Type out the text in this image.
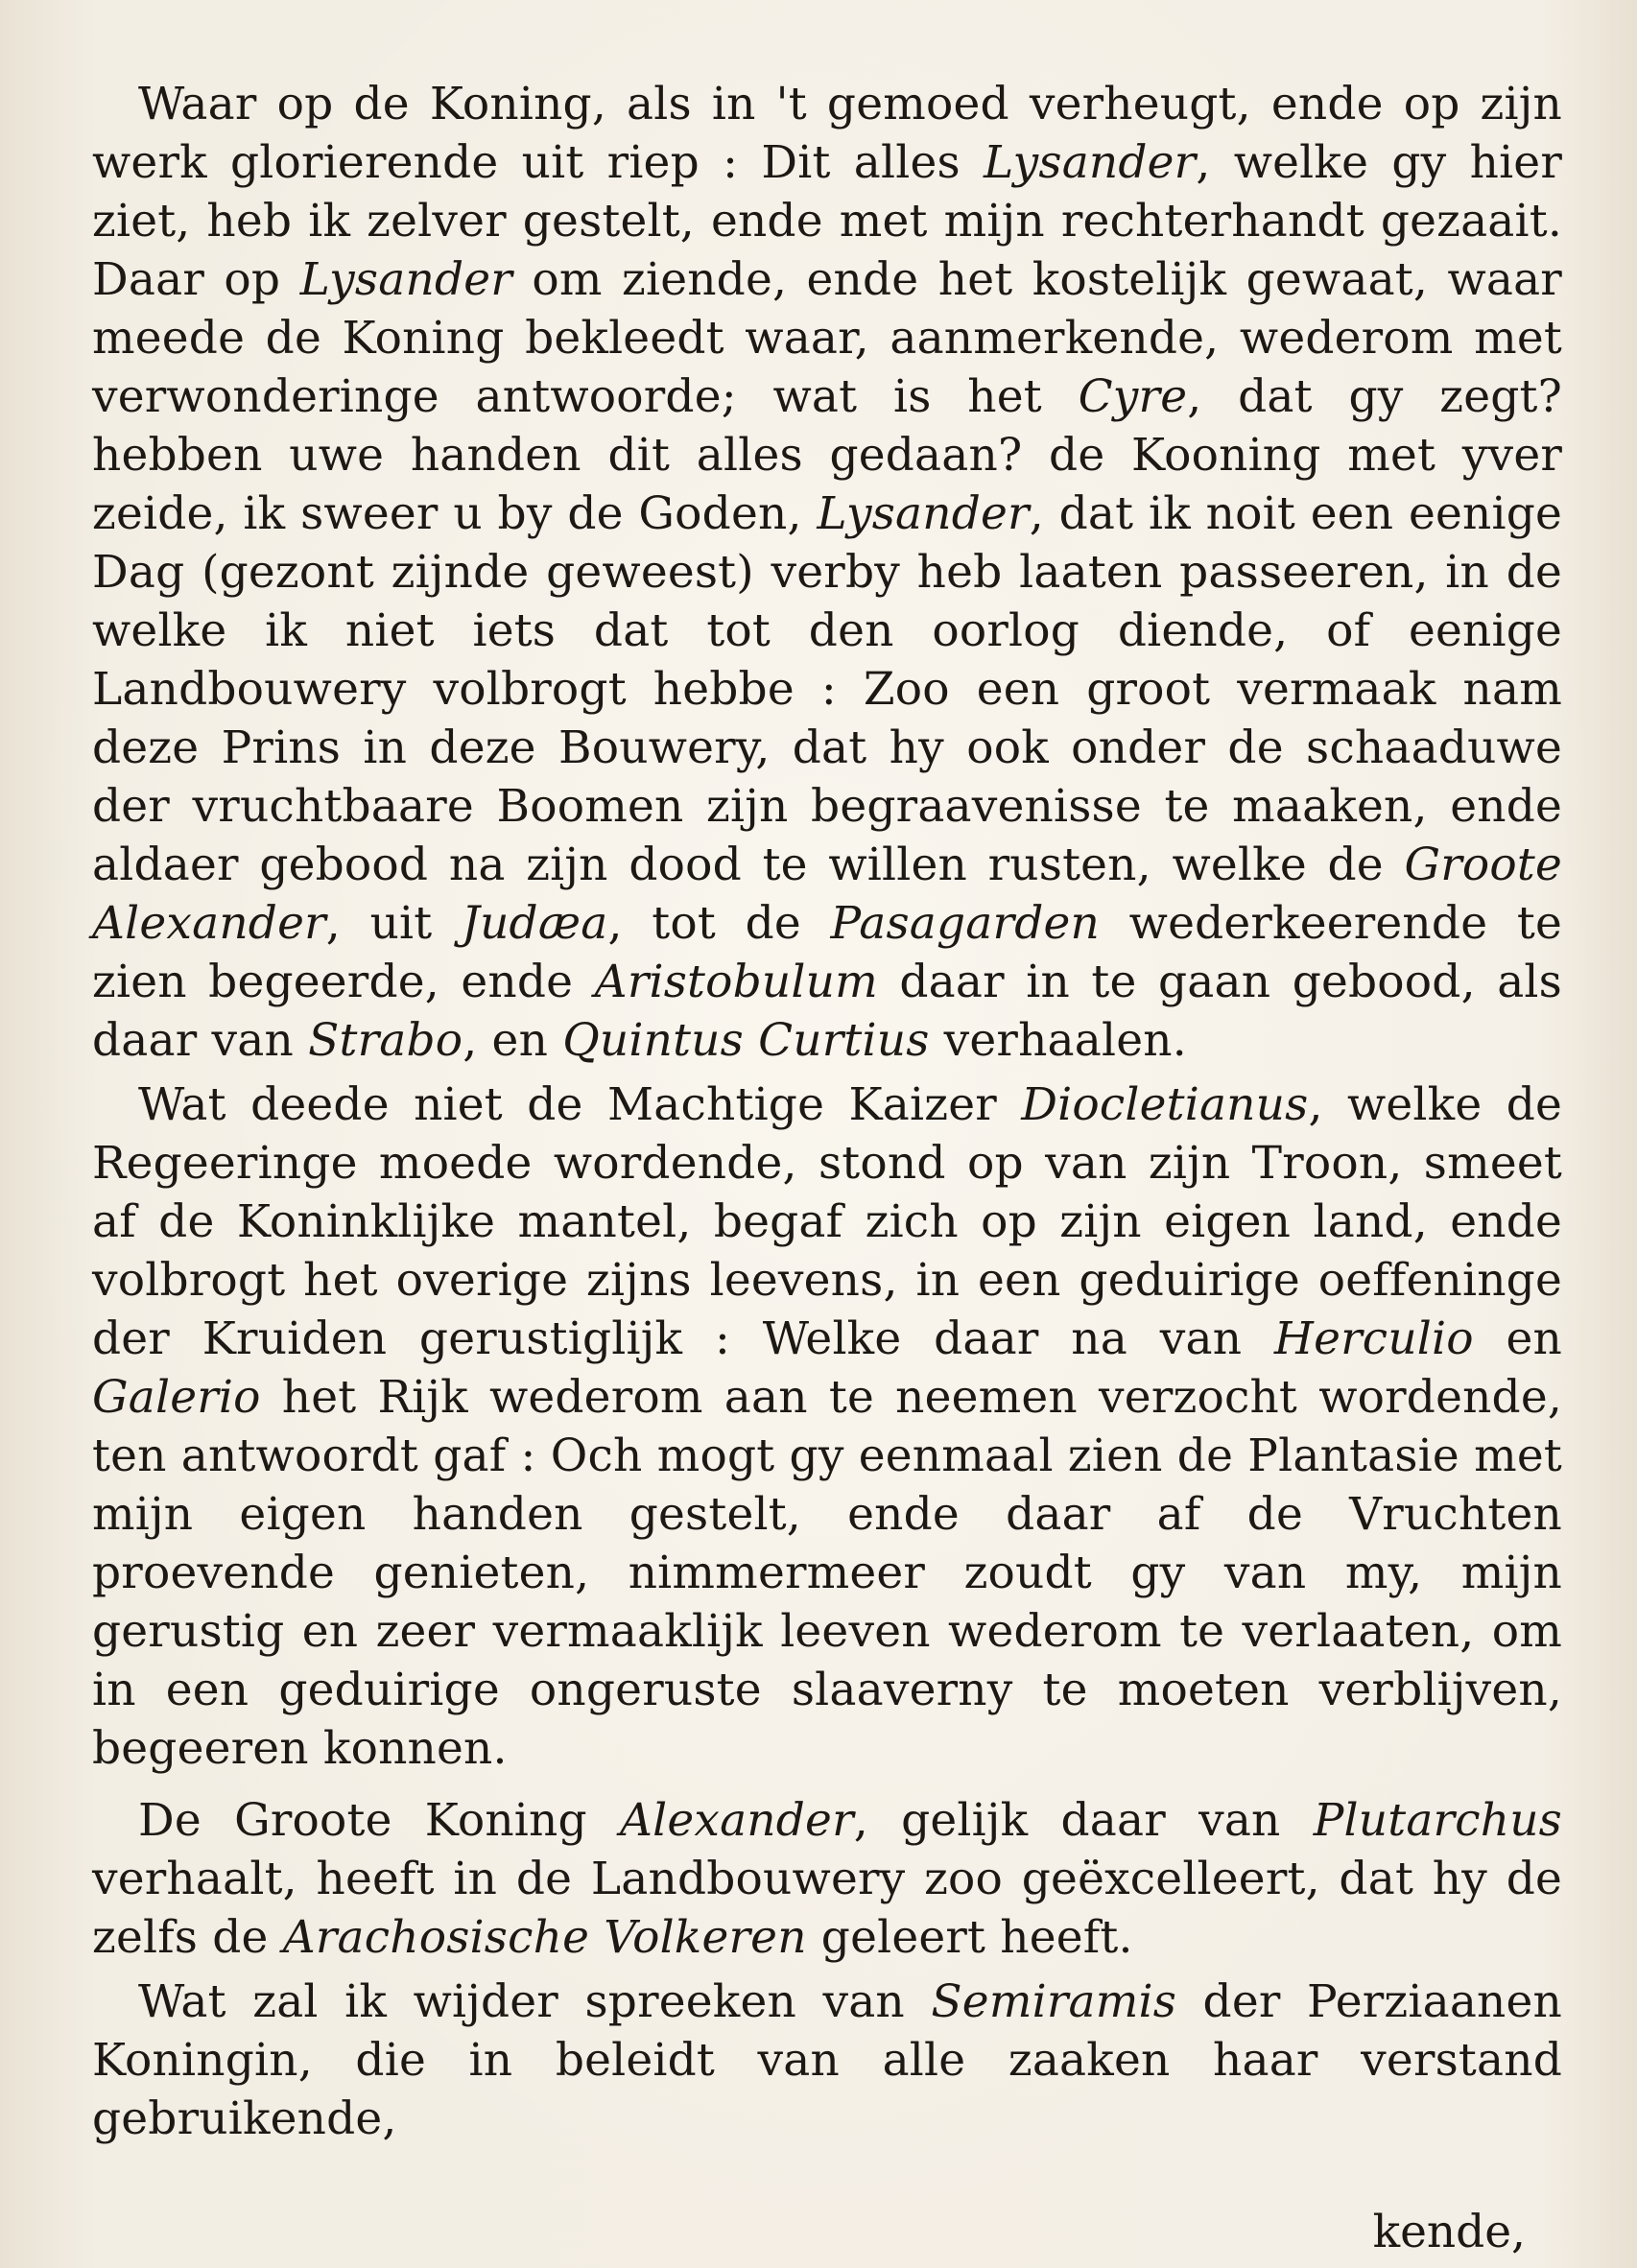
Waar op de Koning, als in 't gemoed verheugt, ende op zijn werk glorierende uit riep : Dit alles Lysander, welke gy hier ziet, heb ik zelver gestelt, ende met mijn rechterhandt gezaait. Daar op Lysander om ziende, ende het kostelijk gewaat, waar meede de Koning bekleedt waar, aanmerkende, wederom met verwonderinge antwoorde; wat is het Cyre, dat gy zegt? hebben uwe handen dit alles gedaan? de Kooning met yver zeide, ik sweer u by de Goden, Lysander, dat ik noit een eenige Dag (gezont zijnde geweest) verby heb laaten passeeren, in de welke ik niet iets dat tot den oorlog diende, of eenige Landbouwery volbrogt hebbe : Zoo een groot vermaak nam deze Prins in deze Bouwery, dat hy ook onder de schaaduwe der vruchtbaare Boomen zijn begraavenisse te maaken, ende aldaer gebood na zijn dood te willen rusten, welke de Groote Alexander, uit Judæa, tot de Pasagarden wederkeerende te zien begeerde, ende Aristobulum daar in te gaan gebood, als daar van Strabo, en Quintus Curtius verhaalen.

Wat deede niet de Machtige Kaizer Diocletianus, welke de Regeeringe moede wordende, stond op van zijn Troon, smeet af de Koninklijke mantel, begaf zich op zijn eigen land, ende volbrogt het overige zijns leevens, in een geduirige oeffeninge der Kruiden gerustiglijk : Welke daar na van Herculio en Galerio het Rijk wederom aan te neemen verzocht wordende, ten antwoordt gaf : Och mogt gy eenmaal zien de Plantasie met mijn eigen handen gestelt, ende daar af de Vruchten proevende genieten, nimmermeer zoudt gy van my, mijn gerustig en zeer vermaaklijk leeven wederom te verlaaten, om in een geduirige ongeruste slaaverny te moeten verblijven, begeeren konnen.

De Groote Koning Alexander, gelijk daar van Plutarchus verhaalt, heeft in de Landbouwery zoo geëxcelleert, dat hy de zelfs de Arachosische Volkeren geleert heeft.

Wat zal ik wijder spreeken van Semiramis der Perziaanen Koningin, die in beleidt van alle zaaken haar verstand gebruikende,

kende,
